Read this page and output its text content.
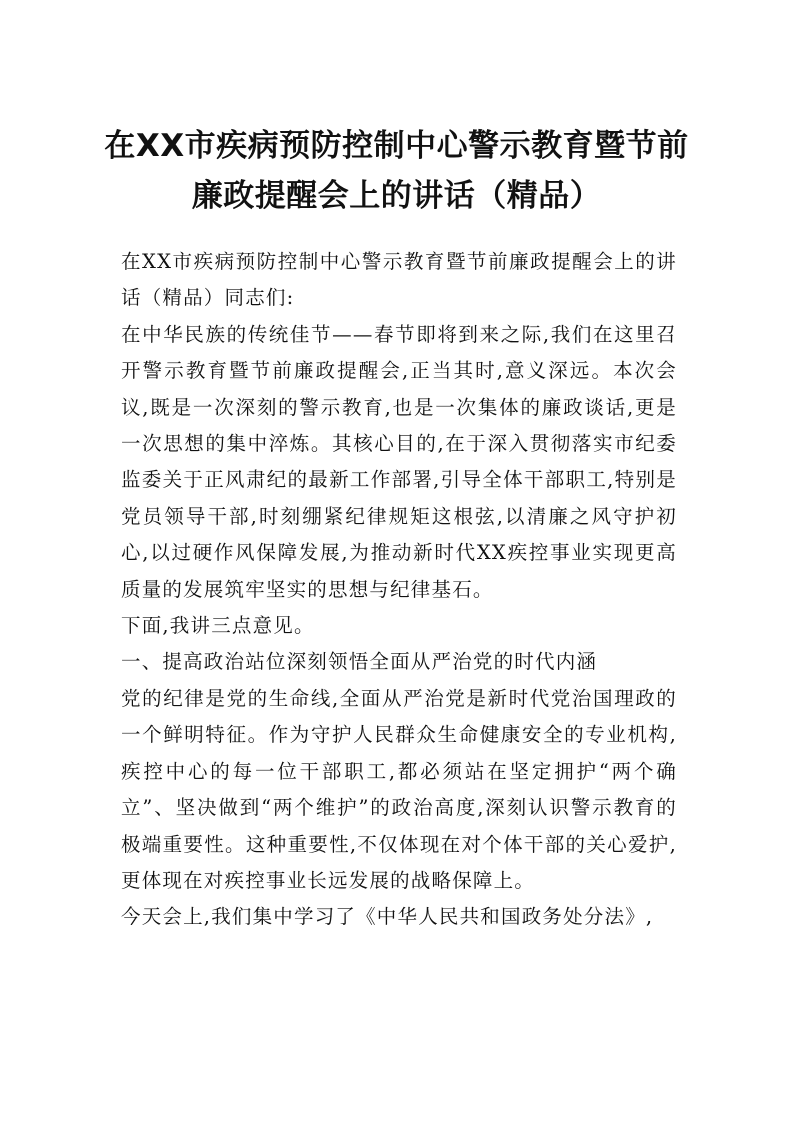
在XX市疾病预防控制中心警示教育暨节前
廉政提醒会上的讲话（精品）

在XX市疾病预防控制中心警示教育暨节前廉政提醒会上的讲话（精品）同志们:

在中华民族的传统佳节——春节即将到来之际,我们在这里召开警示教育暨节前廉政提醒会,正当其时,意义深远。本次会议,既是一次深刻的警示教育,也是一次集体的廉政谈话,更是一次思想的集中淬炼。其核心目的,在于深入贯彻落实市纪委监委关于正风肃纪的最新工作部署,引导全体干部职工,特别是党员领导干部,时刻绷紧纪律规矩这根弦,以清廉之风守护初心,以过硬作风保障发展,为推动新时代XX疾控事业实现更高质量的发展筑牢坚实的思想与纪律基石。

下面,我讲三点意见。

一、提高政治站位深刻领悟全面从严治党的时代内涵

党的纪律是党的生命线,全面从严治党是新时代党治国理政的一个鲜明特征。作为守护人民群众生命健康安全的专业机构,疾控中心的每一位干部职工,都必须站在坚定拥护“两个确立”、坚决做到“两个维护”的政治高度,深刻认识警示教育的极端重要性。这种重要性,不仅体现在对个体干部的关心爱护,更体现在对疾控事业长远发展的战略保障上。

今天会上,我们集中学习了《中华人民共和国政务处分法》,
